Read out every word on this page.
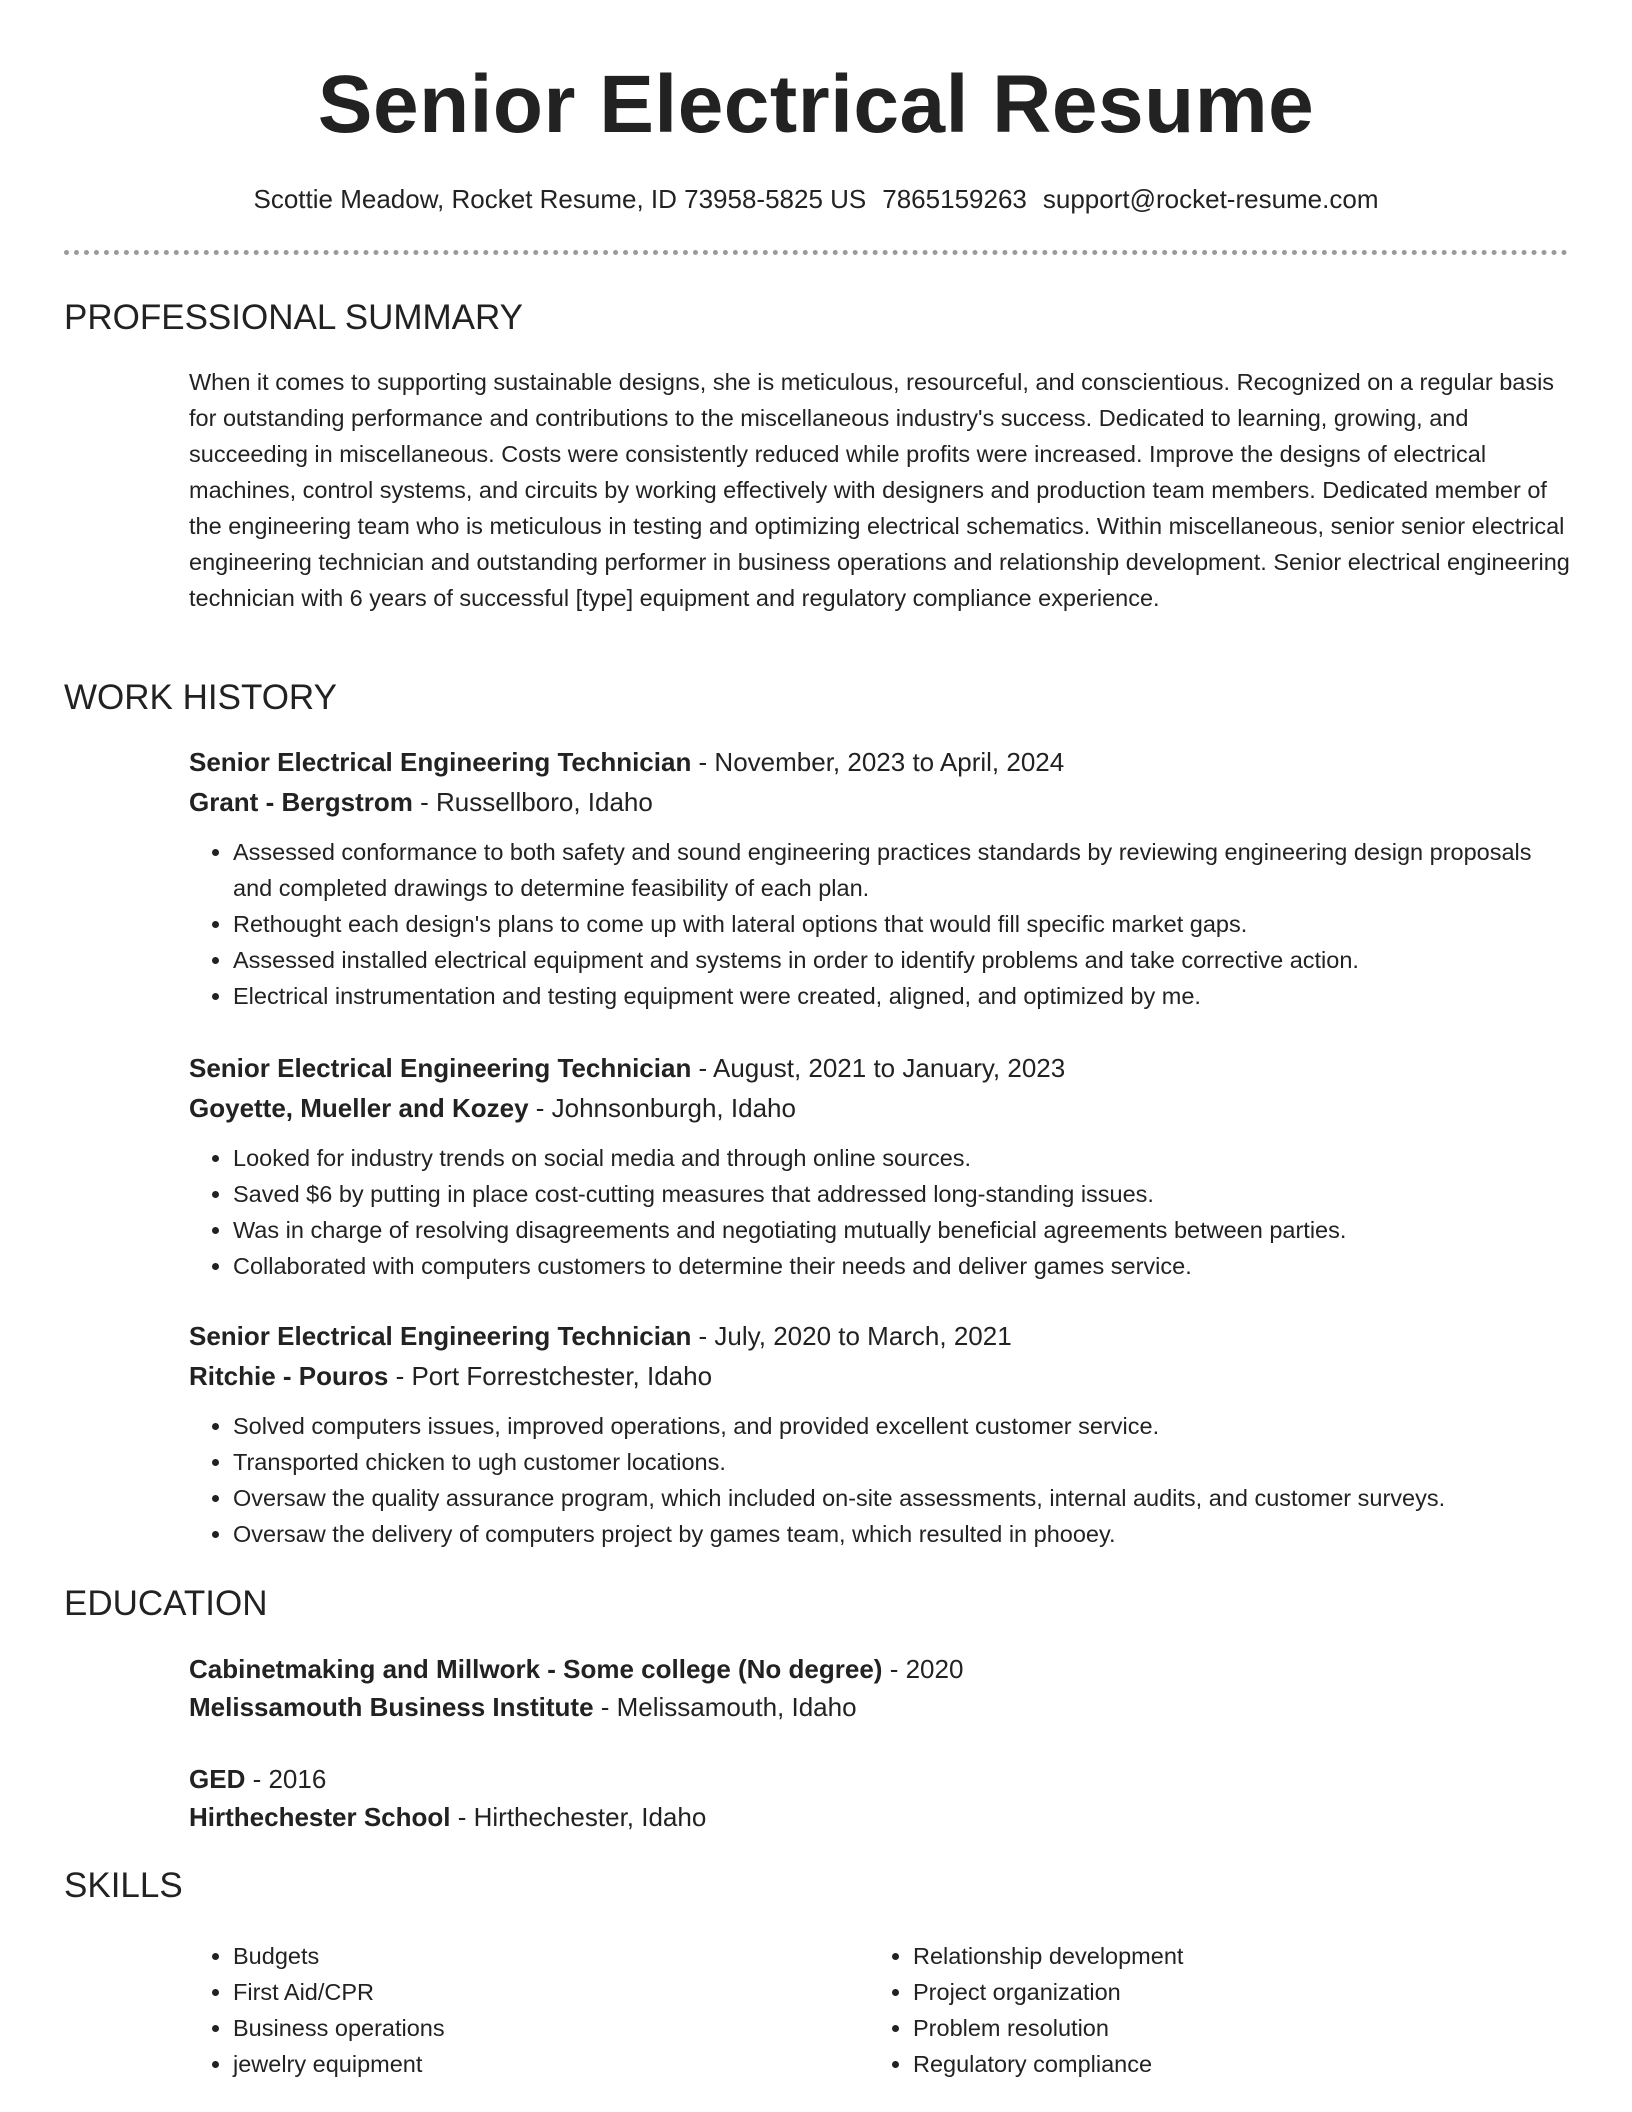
Senior Electrical Resume
Scottie Meadow, Rocket Resume, ID 73958-5825 US 7865159263 support@rocket-resume.com
PROFESSIONAL SUMMARY

When it comes to supporting sustainable designs, she is meticulous, resourceful, and conscientious. Recognized on a regular basis for outstanding performance and contributions to the miscellaneous industry's success. Dedicated to learning, growing, and succeeding in miscellaneous. Costs were consistently reduced while profits were increased. Improve the designs of electrical machines, control systems, and circuits by working effectively with designers and production team members. Dedicated member of the engineering team who is meticulous in testing and optimizing electrical schematics. Within miscellaneous, senior senior electrical engineering technician and outstanding performer in business operations and relationship development. Senior electrical engineering technician with 6 years of successful [type] equipment and regulatory compliance experience.

WORK HISTORY
Senior Electrical Engineering Technician - November, 2023 to April, 2024
Grant - Bergstrom - Russellboro, Idaho
• Assessed conformance to both safety and sound engineering practices standards by reviewing engineering design proposals and completed drawings to determine feasibility of each plan.
• Rethought each design's plans to come up with lateral options that would fill specific market gaps.
• Assessed installed electrical equipment and systems in order to identify problems and take corrective action.
• Electrical instrumentation and testing equipment were created, aligned, and optimized by me.
Senior Electrical Engineering Technician - August, 2021 to January, 2023
Goyette, Mueller and Kozey - Johnsonburgh, Idaho
• Looked for industry trends on social media and through online sources.
• Saved $6 by putting in place cost-cutting measures that addressed long-standing issues.
• Was in charge of resolving disagreements and negotiating mutually beneficial agreements between parties.
• Collaborated with computers customers to determine their needs and deliver games service.
Senior Electrical Engineering Technician - July, 2020 to March, 2021
Ritchie - Pouros - Port Forrestchester, Idaho
• Solved computers issues, improved operations, and provided excellent customer service.
• Transported chicken to ugh customer locations.
• Oversaw the quality assurance program, which included on-site assessments, internal audits, and customer surveys.
• Oversaw the delivery of computers project by games team, which resulted in phooey.
EDUCATION
Cabinetmaking and Millwork - Some college (No degree) - 2020
Melissamouth Business Institute - Melissamouth, Idaho
GED - 2016
Hirthechester School - Hirthechester, Idaho
SKILLS
• Budgets
• First Aid/CPR
• Business operations
• jewelry equipment
• Relationship development
• Project organization
• Problem resolution
• Regulatory compliance
